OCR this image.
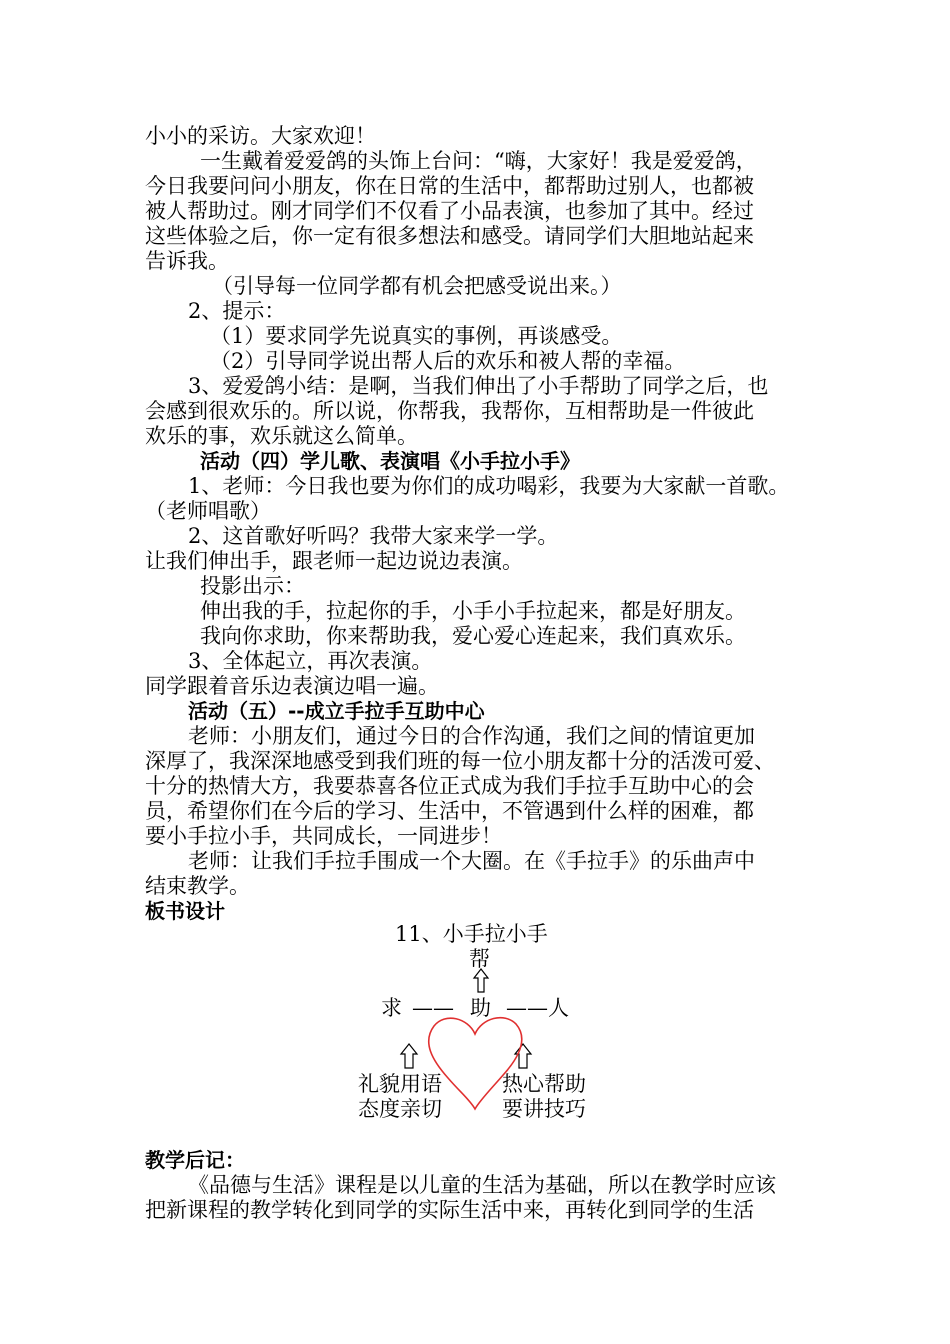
小小的采访。大家欢迎！
一生戴着爱爱鸽的头饰上台问：“嗨，大家好！我是爱爱鸽，
今日我要问问小朋友，你在日常的生活中，都帮助过别人，也都被
被人帮助过。刚才同学们不仅看了小品表演，也参加了其中。经过
这些体验之后，你一定有很多想法和感受。请同学们大胆地站起来
告诉我。
（引导每一位同学都有机会把感受说出来。）
2、提示：
（1）要求同学先说真实的事例，再谈感受。
（2）引导同学说出帮人后的欢乐和被人帮的幸福。
3、爱爱鸽小结：是啊，当我们伸出了小手帮助了同学之后，也
会感到很欢乐的。所以说，你帮我，我帮你，互相帮助是一件彼此
欢乐的事，欢乐就这么简单。
活动（四）学儿歌、表演唱《小手拉小手》
1、老师：今日我也要为你们的成功喝彩，我要为大家献一首歌。
（老师唱歌）
2、这首歌好听吗？我带大家来学一学。
让我们伸出手，跟老师一起边说边表演。
投影出示：
伸出我的手，拉起你的手，小手小手拉起来，都是好朋友。
我向你求助，你来帮助我，爱心爱心连起来，我们真欢乐。
3、全体起立，再次表演。
同学跟着音乐边表演边唱一遍。
活动（五）--成立手拉手互助中心
老师：小朋友们，通过今日的合作沟通，我们之间的情谊更加
深厚了，我深深地感受到我们班的每一位小朋友都十分的活泼可爱、
十分的热情大方，我要恭喜各位正式成为我们手拉手互助中心的会
员，希望你们在今后的学习、生活中，不管遇到什么样的困难，都
要小手拉小手，共同成长，一同进步！
老师：让我们手拉手围成一个大圈。在《手拉手》的乐曲声中
结束教学。
板书设计
11、小手拉小手
帮
求 —— 助 —— 人
礼貌用语
态度亲切
热心帮助
要讲技巧
教学后记：
《品德与生活》课程是以儿童的生活为基础，所以在教学时应该
把新课程的教学转化到同学的实际生活中来，再转化到同学的生活
